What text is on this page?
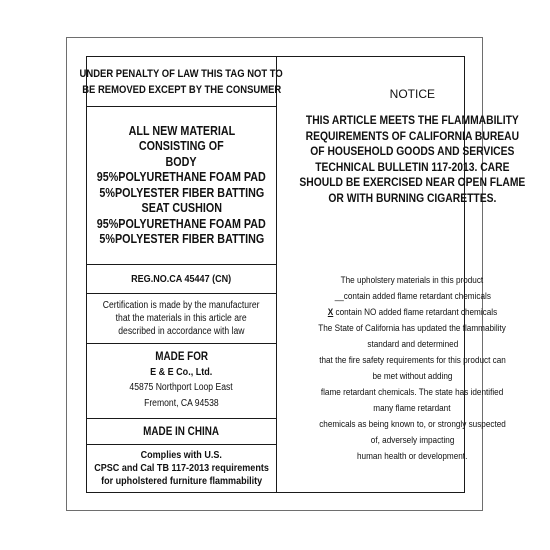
UNDER PENALTY OF LAW THIS TAG NOT TO
BE REMOVED EXCEPT BY THE CONSUMER
ALL NEW MATERIAL
CONSISTING OF
BODY
95%POLYURETHANE FOAM PAD
5%POLYESTER FIBER BATTING
SEAT CUSHION
95%POLYURETHANE FOAM PAD
5%POLYESTER FIBER BATTING
REG.NO.CA 45447 (CN)
Certification is made by the manufacturer
that the materials in this article are
described in accordance with law
MADE FOR
E & E Co., Ltd.
45875 Northport Loop East
Fremont, CA 94538
MADE IN CHINA
Complies with U.S.
CPSC and Cal TB 117-2013 requirements
for upholstered furniture flammability
NOTICE
THIS ARTICLE MEETS THE FLAMMABILITY
REQUIREMENTS OF CALIFORNIA BUREAU
OF HOUSEHOLD GOODS AND SERVICES
TECHNICAL BULLETIN 117-2013. CARE
SHOULD BE EXERCISED NEAR OPEN FLAME
OR WITH BURNING CIGARETTES.
The upholstery materials in this product
__contain added flame retardant chemicals
X contain NO added flame retardant chemicals
The State of California has updated the flammability
standard and determined
that the fire safety requirements for this product can
be met without adding
flame retardant chemicals. The state has identified
many flame retardant
chemicals as being known to, or strongly suspected
of, adversely impacting
human health or development.
